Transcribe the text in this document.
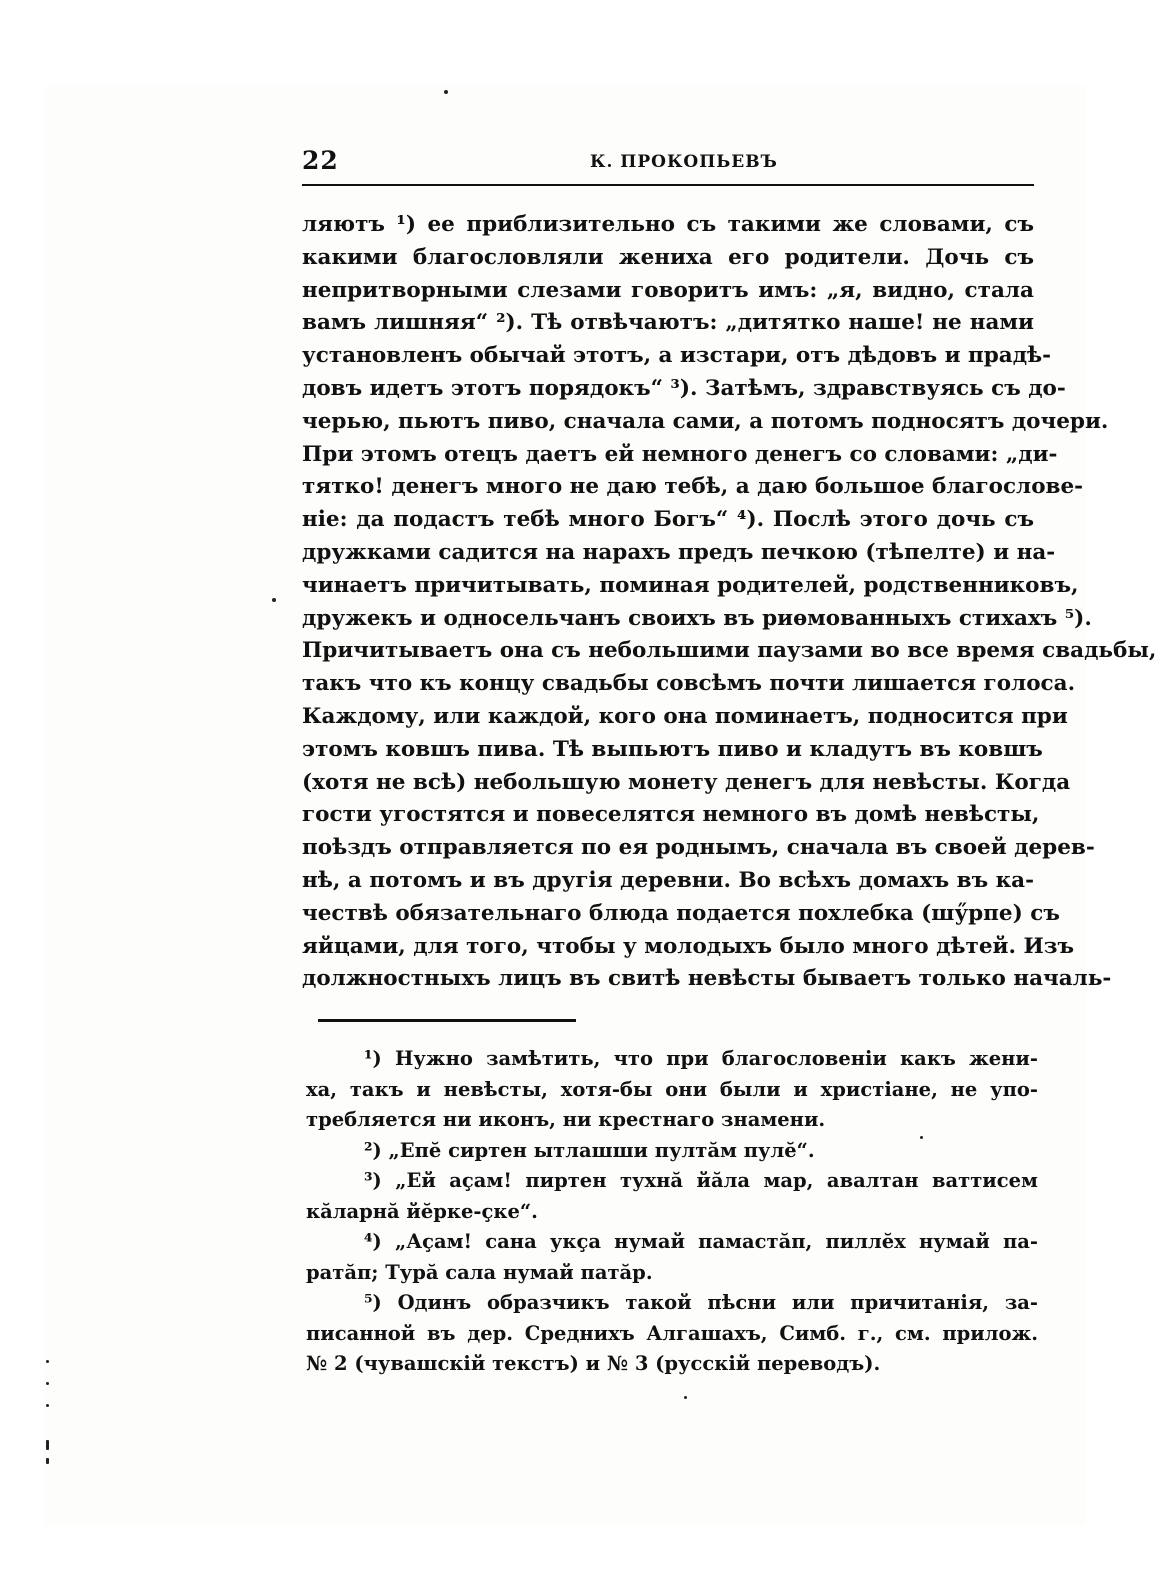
22	К. ПРОКОПЬЕВЪ
ляютъ ¹) ее приблизительно съ такими же словами, съ
какими благословляли жениха его родители. Дочь съ
непритворными слезами говоритъ имъ: „я, видно, стала
вамъ лишняя“ ²). Тѣ отвѣчаютъ: „дитятко наше! не нами
установленъ обычай этотъ, а изстари, отъ дѣдовъ и прадѣ-
довъ идетъ этотъ порядокъ“ ³). Затѣмъ, здравствуясь съ до-
черью, пьютъ пиво, сначала сами, а потомъ подносятъ дочери.
При этомъ отецъ даетъ ей немного денегъ со словами: „ди-
тятко! денегъ много не даю тебѣ, а даю большое благослове-
ніе: да подастъ тебѣ много Богъ“ ⁴). Послѣ этого дочь съ
дружками садится на нарахъ предъ печкою (тѣпелте) и на-
чинаетъ причитывать, поминая родителей, родственниковъ,
дружекъ и односельчанъ своихъ въ риѳмованныхъ стихахъ ⁵).
Причитываетъ она съ небольшими паузами во все время свадьбы,
такъ что къ концу свадьбы совсѣмъ почти лишается голоса.
Каждому, или каждой, кого она поминаетъ, подносится при
этомъ ковшъ пива. Тѣ выпьютъ пиво и кладутъ въ ковшъ
(хотя не всѣ) небольшую монету денегъ для невѣсты. Когда
гости угостятся и повеселятся немного въ домѣ невѣсты,
поѣздъ отправляется по ея роднымъ, сначала въ своей дерев-
нѣ, а потомъ и въ другія деревни. Во всѣхъ домахъ въ ка-
чествѣ обязательнаго блюда подается похлебка (шӳрпе) съ
яйцами, для того, чтобы у молодыхъ было много дѣтей. Изъ
должностныхъ лицъ въ свитѣ невѣсты бываетъ только началь-
¹) Нужно замѣтить, что при благословеніи какъ жени-
ха, такъ и невѣсты, хотя-бы они были и христіане, не упо-
требляется ни иконъ, ни крестнаго знамени.
²) „Епӗ сиртен ытлашши пултӑм пулӗ“.
³) „Ей аҫам! пиртен тухнӑ йӑла мар, авалтан ваттисем
кӑларнӑ йӗрке-ҫке“.
⁴) „Аҫам! сана укҫа нумай памастӑп, пиллӗх нумай па-
ратӑп; Турӑ сала нумай патӑр.
⁵) Одинъ образчикъ такой пѣсни или причитанія, за-
писанной въ дер. Среднихъ Алгашахъ, Симб. г., см. прилож.
№ 2 (чувашскій текстъ) и № 3 (русскій переводъ).
